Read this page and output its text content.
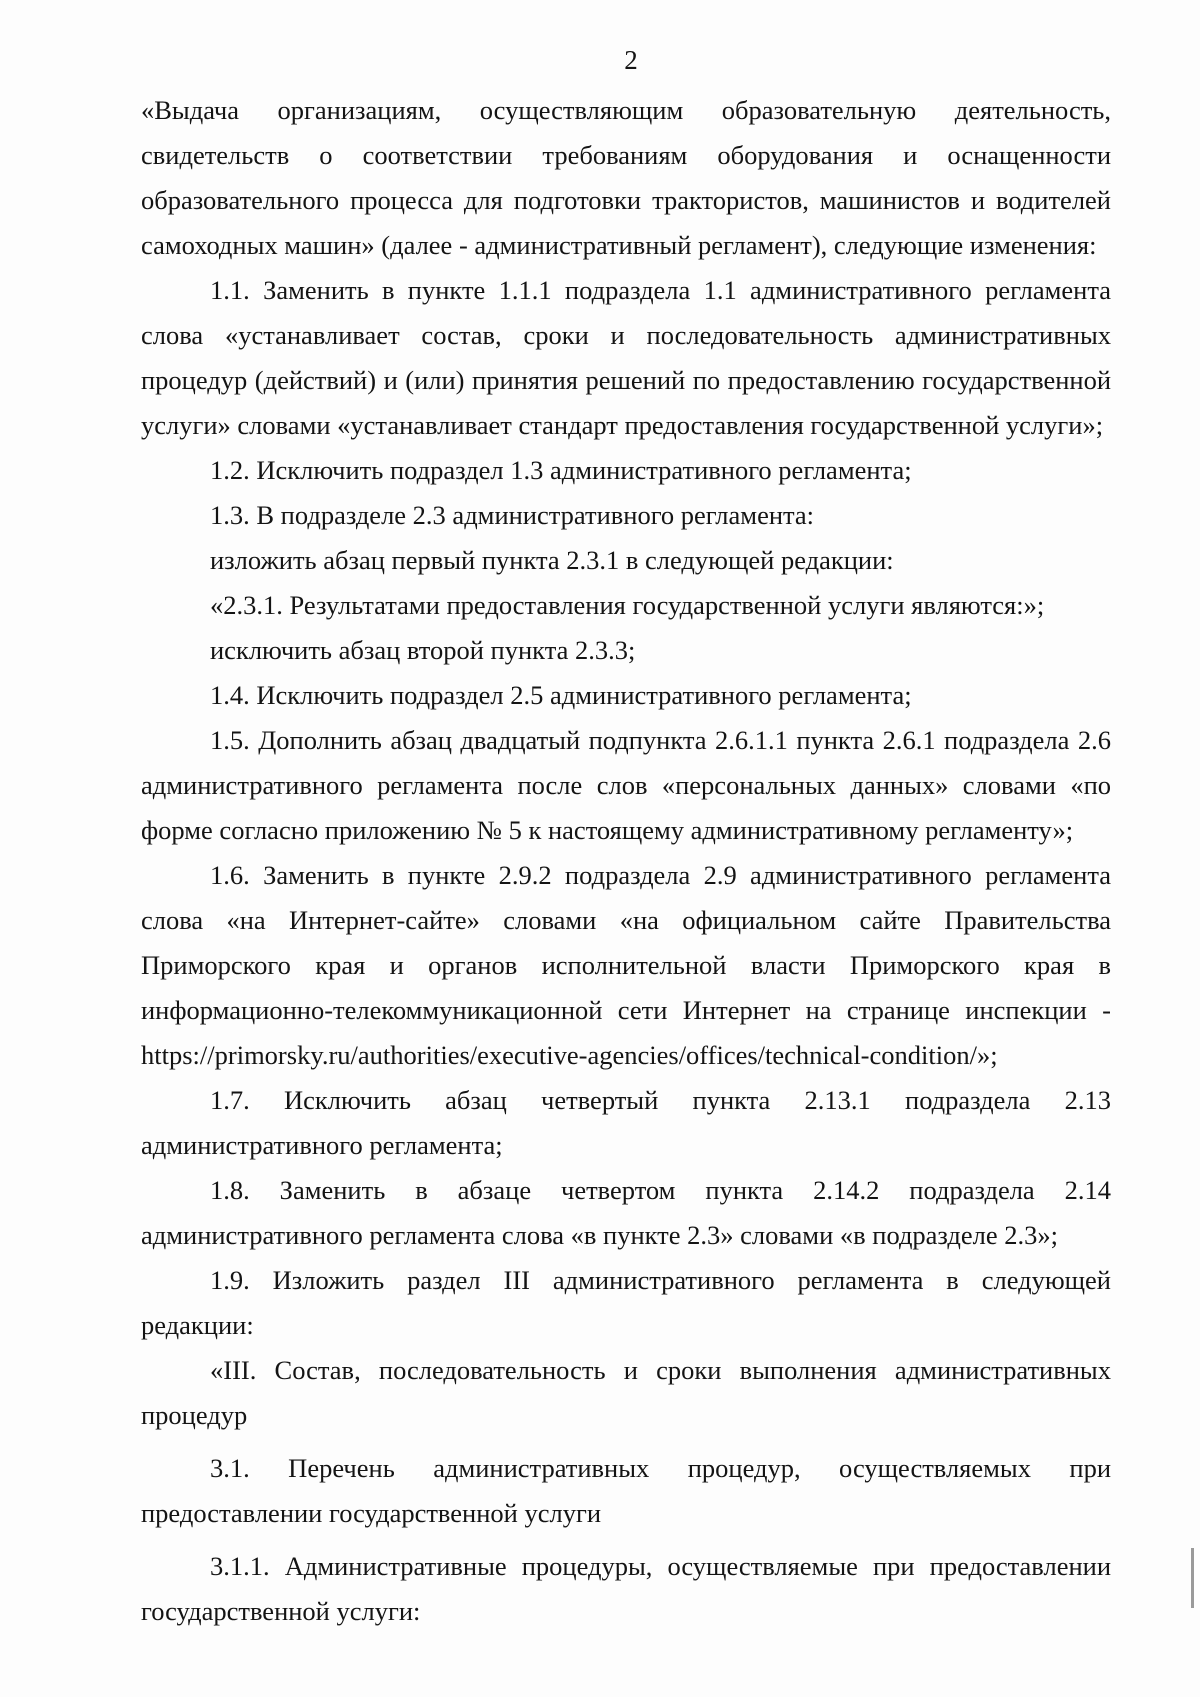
2

«Выдача организациям, осуществляющим образовательную деятельность, свидетельств о соответствии требованиям оборудования и оснащенности образовательного процесса для подготовки трактористов, машинистов и водителей самоходных машин» (далее - административный регламент), следующие изменения:

1.1. Заменить в пункте 1.1.1 подраздела 1.1 административного регламента слова «устанавливает состав, сроки и последовательность административных процедур (действий) и (или) принятия решений по предоставлению государственной услуги» словами «устанавливает стандарт предоставления государственной услуги»;

1.2. Исключить подраздел 1.3 административного регламента;

1.3. В подразделе 2.3 административного регламента:

изложить абзац первый пункта 2.3.1 в следующей редакции:

«2.3.1. Результатами предоставления государственной услуги являются:»;

исключить абзац второй пункта 2.3.3;

1.4. Исключить подраздел 2.5 административного регламента;

1.5. Дополнить абзац двадцатый подпункта 2.6.1.1 пункта 2.6.1 подраздела 2.6 административного регламента после слов «персональных данных» словами «по форме согласно приложению № 5 к настоящему административному регламенту»;

1.6. Заменить в пункте 2.9.2 подраздела 2.9 административного регламента слова «на Интернет-сайте» словами «на официальном сайте Правительства Приморского края и органов исполнительной власти Приморского края в информационно-телекоммуникационной сети Интернет на странице инспекции - https://primorsky.ru/authorities/executive-agencies/offices/technical-condition/»;

1.7. Исключить абзац четвертый пункта 2.13.1 подраздела 2.13 административного регламента;

1.8. Заменить в абзаце четвертом пункта 2.14.2 подраздела 2.14 административного регламента слова «в пункте 2.3» словами «в подразделе 2.3»;

1.9. Изложить раздел III административного регламента в следующей редакции:

«III. Состав, последовательность и сроки выполнения административных процедур

3.1. Перечень административных процедур, осуществляемых при предоставлении государственной услуги

3.1.1. Административные процедуры, осуществляемые при предоставлении государственной услуги:
